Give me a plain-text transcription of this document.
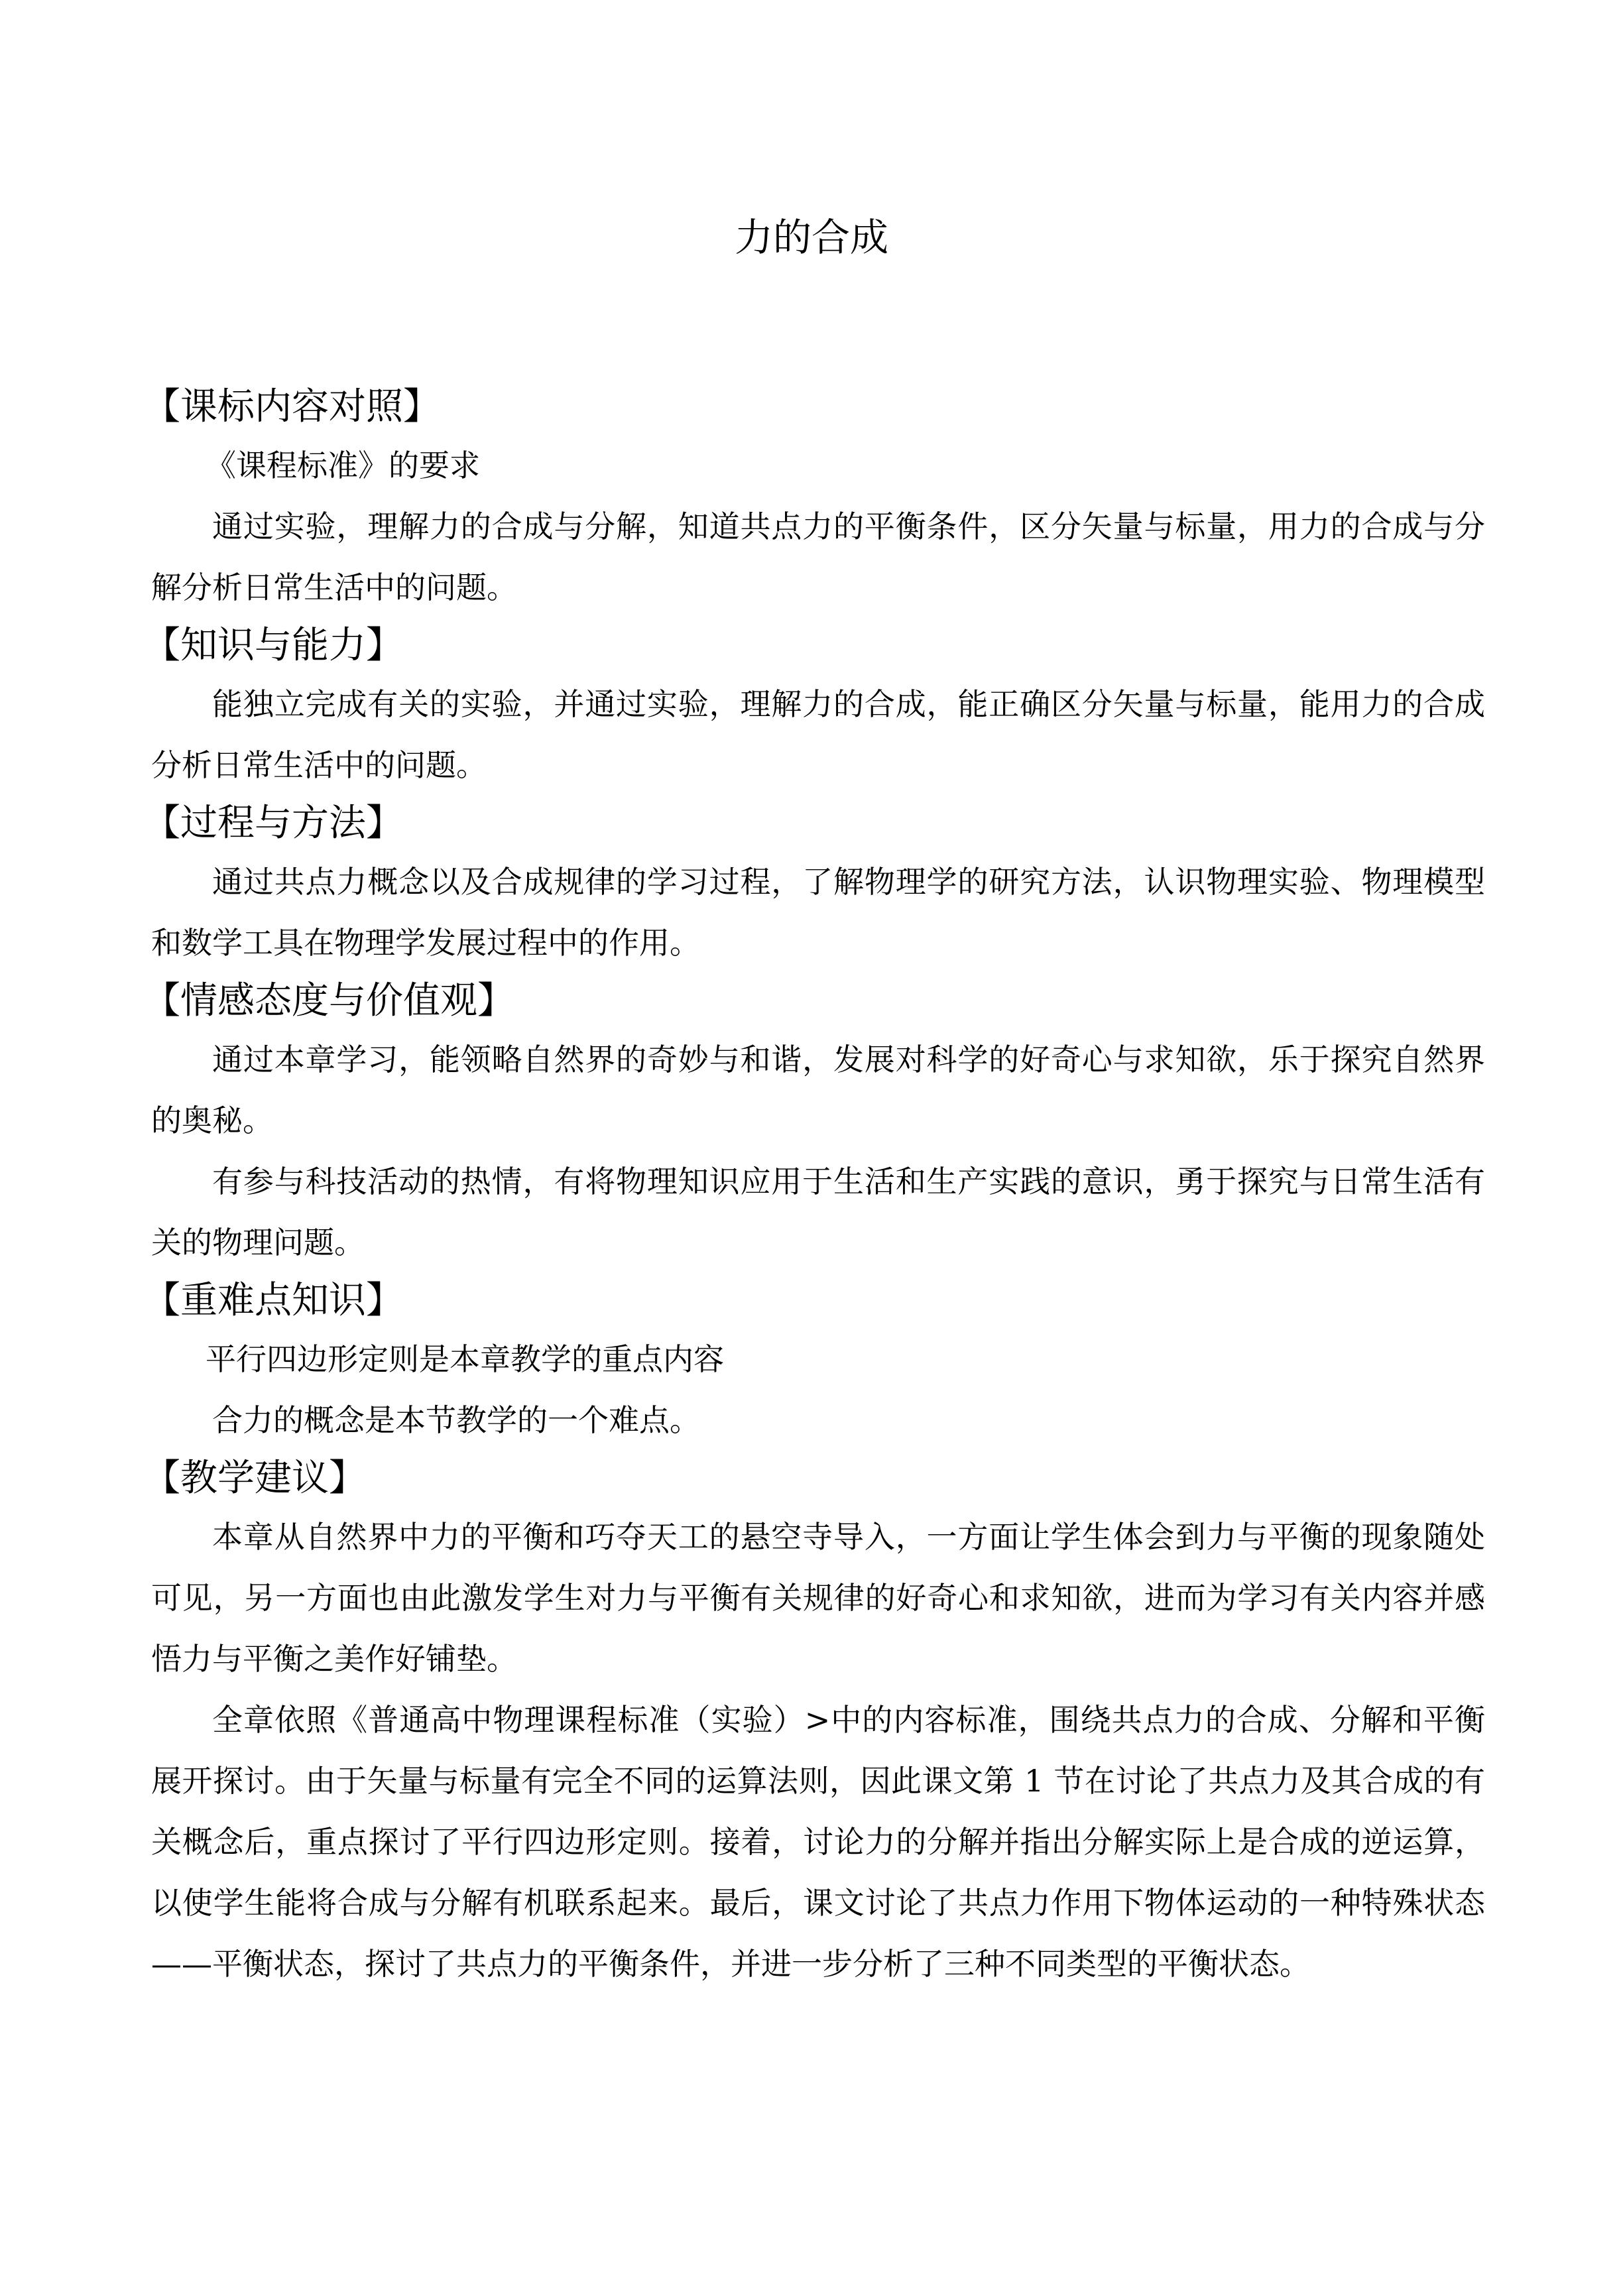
力的合成
【课标内容对照】
《课程标准》的要求

通过实验，理解力的合成与分解，知道共点力的平衡条件，区分矢量与标量，用力的合成与分解分析日常生活中的问题。

【知识与能力】

能独立完成有关的实验，并通过实验，理解力的合成，能正确区分矢量与标量，能用力的合成分析日常生活中的问题。

【过程与方法】

通过共点力概念以及合成规律的学习过程，了解物理学的研究方法，认识物理实验、物理模型和数学工具在物理学发展过程中的作用。

【情感态度与价值观】

通过本章学习，能领略自然界的奇妙与和谐，发展对科学的好奇心与求知欲，乐于探究自然界的奥秘。

有参与科技活动的热情，有将物理知识应用于生活和生产实践的意识，勇于探究与日常生活有关的物理问题。

【重难点知识】
平行四边形定则是本章教学的重点内容
合力的概念是本节教学的一个难点。
【教学建议】

本章从自然界中力的平衡和巧夺天工的悬空寺导入，一方面让学生体会到力与平衡的现象随处可见，另一方面也由此激发学生对力与平衡有关规律的好奇心和求知欲，进而为学习有关内容并感悟力与平衡之美作好铺垫。

全章依照《普通高中物理课程标准（实验）>中的内容标准，围绕共点力的合成、分解和平衡展开探讨。由于矢量与标量有完全不同的运算法则，因此课文第 1 节在讨论了共点力及其合成的有关概念后，重点探讨了平行四边形定则。接着，讨论力的分解并指出分解实际上是合成的逆运算，以使学生能将合成与分解有机联系起来。最后，课文讨论了共点力作用下物体运动的一种特殊状态——平衡状态，探讨了共点力的平衡条件，并进一步分析了三种不同类型的平衡状态。
